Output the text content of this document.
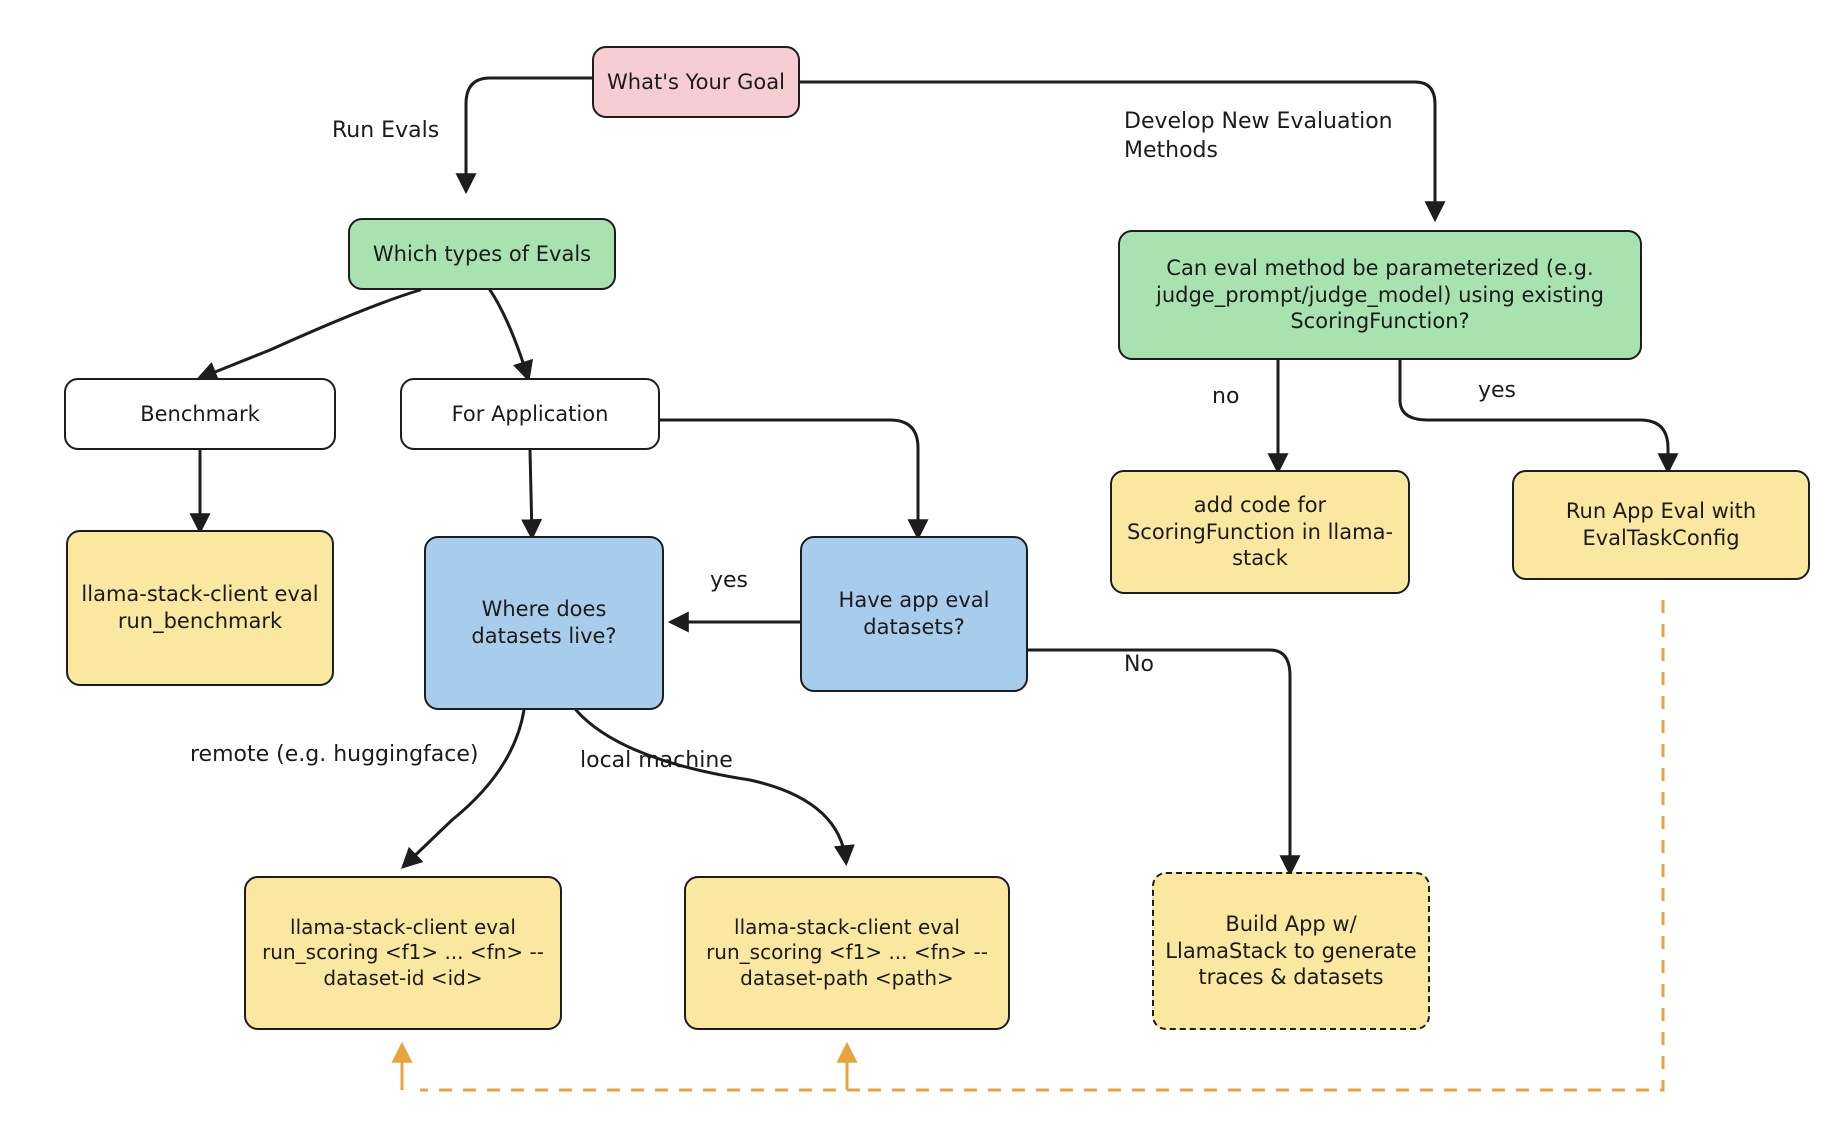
What's Your Goal
Which types of Evals
Benchmark	For Application
llama-stack-client eval run_benchmark	Where does datasets live?
Have app eval datasets?
Can eval method be parameterized (e.g. judge_prompt/judge_model) using existing ScoringFunction?
add code for ScoringFunction in llama-stack
Run App Eval with EvalTaskConfig
llama-stack-client eval run_scoring <f1> ... <fn> --dataset-id <id>
llama-stack-client eval run_scoring <f1> ... <fn> --dataset-path <path>
Build App w/ LlamaStack to generate traces & datasets
Run Evals	Develop New Evaluation Methods
no	yes
yes
No
remote (e.g. huggingface)	local machine
